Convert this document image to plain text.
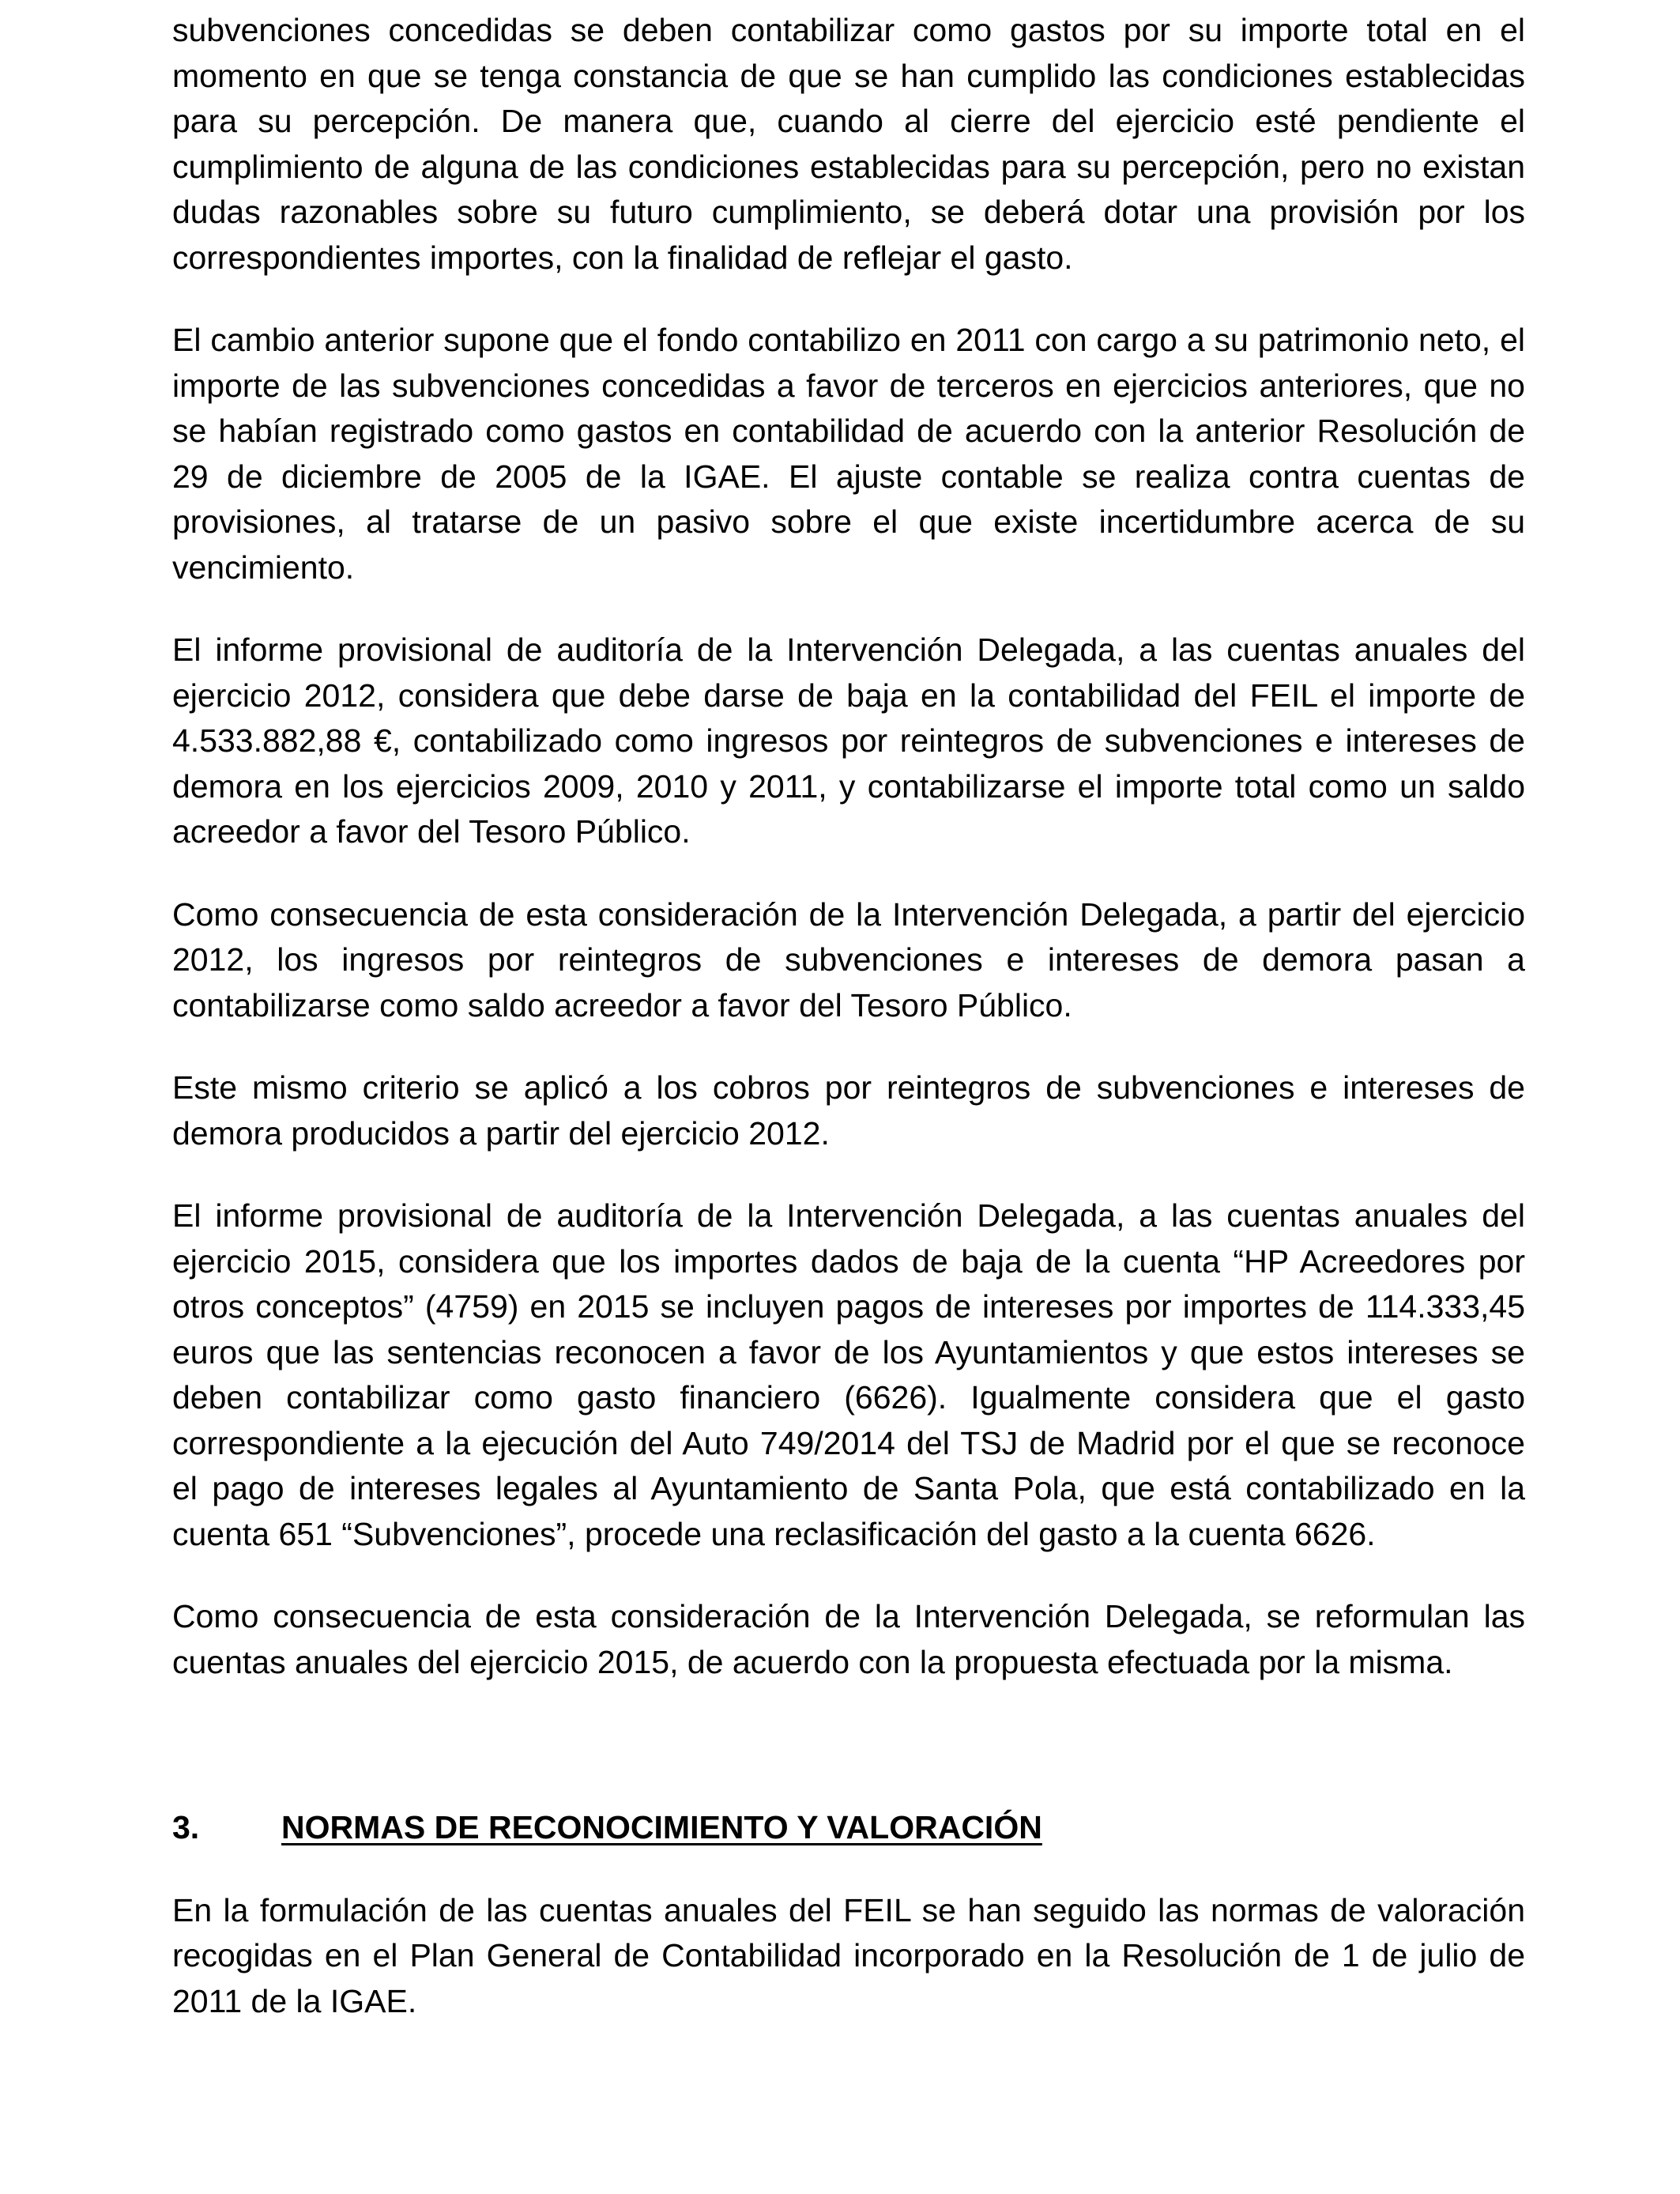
subvenciones concedidas se deben contabilizar como gastos por su importe total en el momento en que se tenga constancia de que se han cumplido las condiciones establecidas para su percepción. De manera que, cuando al cierre del ejercicio esté pendiente el cumplimiento de alguna de las condiciones establecidas para su percepción, pero no existan dudas razonables sobre su futuro cumplimiento, se deberá dotar una provisión por los correspondientes importes, con la finalidad de reflejar el gasto.

El cambio anterior supone que el fondo contabilizo en 2011 con cargo a su patrimonio neto, el importe de las subvenciones concedidas a favor de terceros en ejercicios anteriores, que no se habían registrado como gastos en contabilidad de acuerdo con la anterior Resolución de 29 de diciembre de 2005 de la IGAE. El ajuste contable se realiza contra cuentas de provisiones, al tratarse de un pasivo sobre el que existe incertidumbre acerca de su vencimiento.

El informe provisional de auditoría de la Intervención Delegada, a las cuentas anuales del ejercicio 2012, considera que debe darse de baja en la contabilidad del FEIL el importe de 4.533.882,88 €, contabilizado como ingresos por reintegros de subvenciones e intereses de demora en los ejercicios 2009, 2010 y 2011, y contabilizarse el importe total como un saldo acreedor a favor del Tesoro Público.

Como consecuencia de esta consideración de la Intervención Delegada, a partir del ejercicio 2012, los ingresos por reintegros de subvenciones e intereses de demora pasan a contabilizarse como saldo acreedor a favor del Tesoro Público.

Este mismo criterio se aplicó a los cobros por reintegros de subvenciones e intereses de demora producidos a partir del ejercicio 2012.

El informe provisional de auditoría de la Intervención Delegada, a las cuentas anuales del ejercicio 2015, considera que los importes dados de baja de la cuenta “HP Acreedores por otros conceptos” (4759) en 2015 se incluyen pagos de intereses por importes de 114.333,45 euros que las sentencias reconocen a favor de los Ayuntamientos y que estos intereses se deben contabilizar como gasto financiero (6626). Igualmente considera que el gasto correspondiente a la ejecución del Auto 749/2014 del TSJ de Madrid por el que se reconoce el pago de intereses legales al Ayuntamiento de Santa Pola, que está contabilizado en la cuenta 651 “Subvenciones”, procede una reclasificación del gasto a la cuenta 6626.

Como consecuencia de esta consideración de la Intervención Delegada, se reformulan las cuentas anuales del ejercicio 2015, de acuerdo con la propuesta efectuada por la misma.

3.	NORMAS DE RECONOCIMIENTO Y VALORACIÓN

En la formulación de las cuentas anuales del FEIL se han seguido las normas de valoración recogidas en el Plan General de Contabilidad incorporado en la Resolución de 1 de julio de 2011 de la IGAE.
